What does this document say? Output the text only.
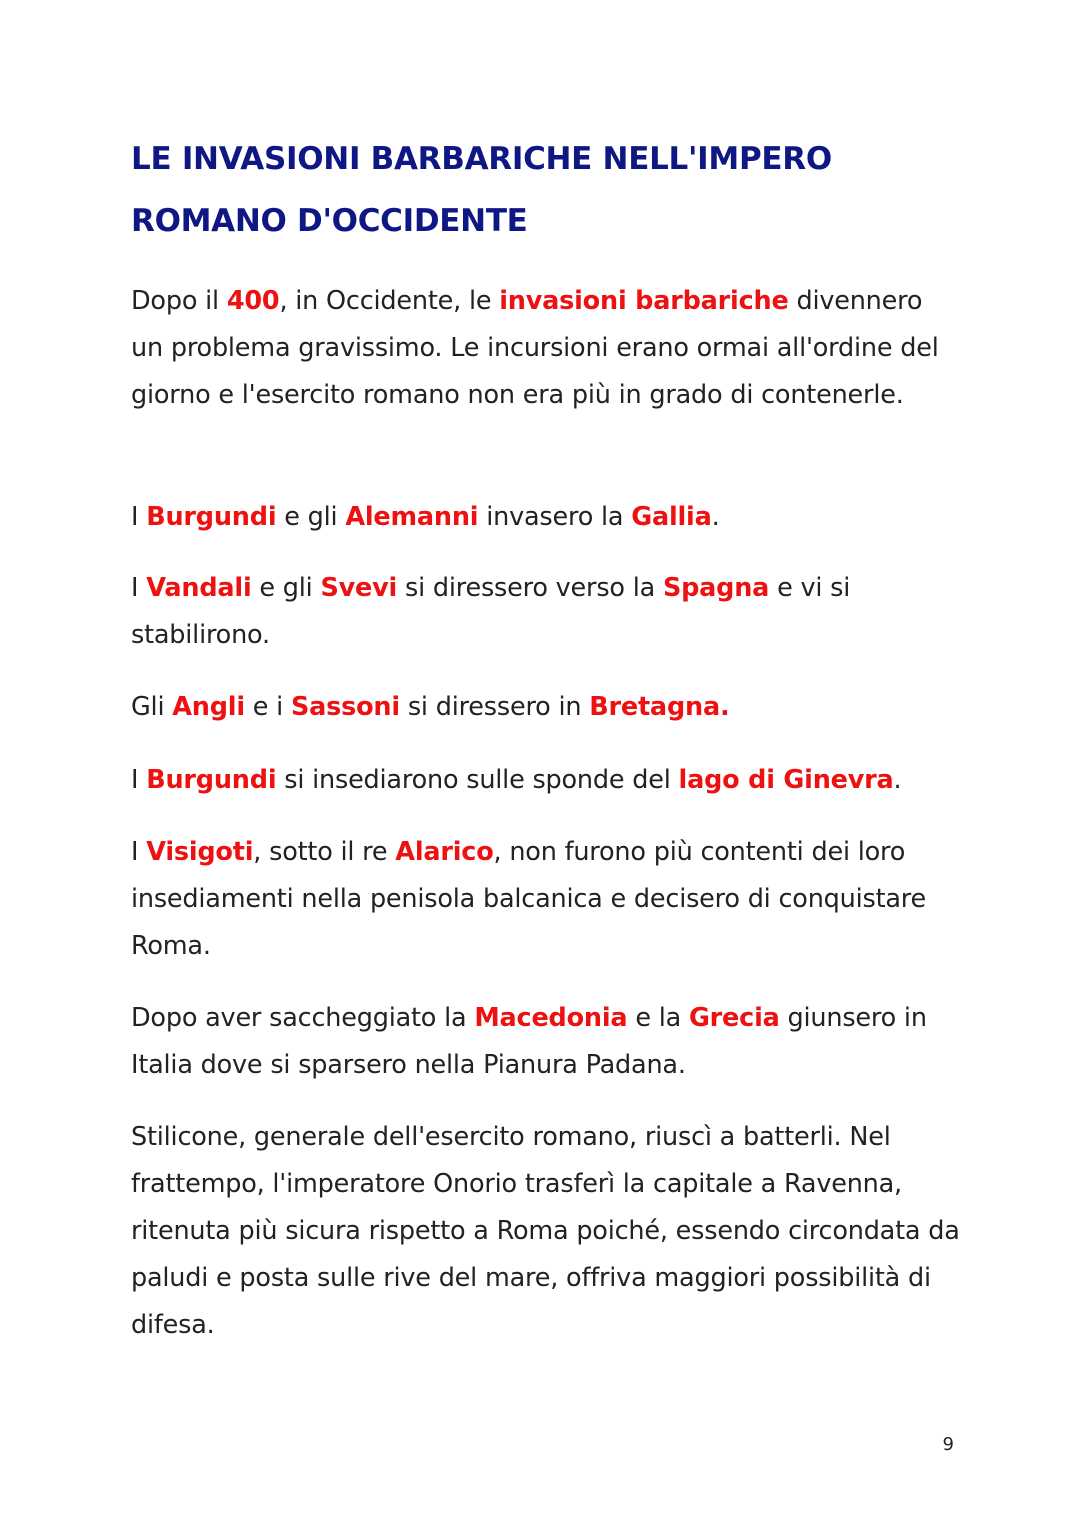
LE INVASIONI BARBARICHE NELL'IMPERO ROMANO D'OCCIDENTE

Dopo il 400, in Occidente, le invasioni barbariche divennero un problema gravissimo. Le incursioni erano ormai all'ordine del giorno e l'esercito romano non era più in grado di contenerle.

I Burgundi e gli Alemanni invasero la Gallia.

I Vandali e gli Svevi si diressero verso la Spagna e vi si stabilirono.

Gli Angli e i Sassoni si diressero in Bretagna.

I Burgundi si insediarono sulle sponde del lago di Ginevra.

I Visigoti, sotto il re Alarico, non furono più contenti dei loro insediamenti nella penisola balcanica e decisero di conquistare Roma.

Dopo aver saccheggiato la Macedonia e la Grecia giunsero in Italia dove si sparsero nella Pianura Padana.

Stilicone, generale dell'esercito romano, riuscì a batterli. Nel frattempo, l'imperatore Onorio trasferì la capitale a Ravenna, ritenuta più sicura rispetto a Roma poiché, essendo circondata da paludi e posta sulle rive del mare, offriva maggiori possibilità di difesa.

9
